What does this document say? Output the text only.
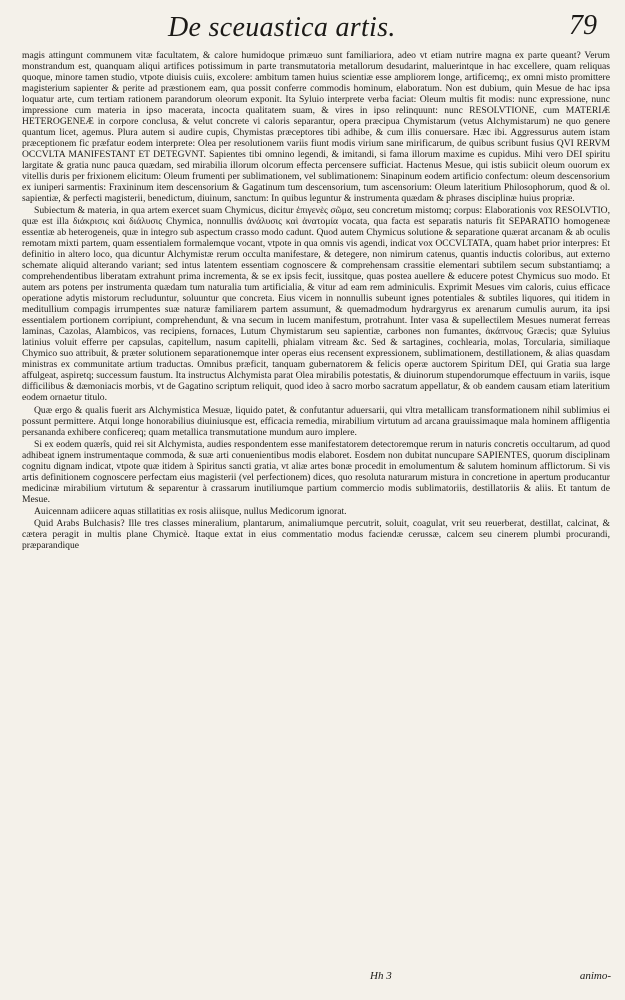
De sceuastica artis.	79

magis attingunt communem vitæ facultatem, & calore humidoque primæuo sunt familiariora, adeo vt etiam nutrire magna ex parte queant? Verum monstrandum est, quanquam aliqui artifices potissimum in parte transmutatoria metallorum desudarint, maluerintque in hac excellere, quam reliquas quoque, minore tamen studio, vtpote diuisis cuiis, excolere: ambitum tamen huius scientiæ esse ampliorem longe, artificemq;, ex omni misto promittere magisterium sapienter & perite ad præstionem eam, qua possit conferre commodis hominum, elaboratum. Non est dubium, quin Mesue de hac ipsa loquatur arte, cum tertiam rationem parandorum oleorum exponit. Ita Syluio interprete verba faciat: Oleum multis fit modis: nunc expressione, nunc impressione cum materia in ipso macerata, incocta qualitatem suam, & vires in ipso relinquunt: nunc RESOLVTIONE, cum MATERIÆ HETEROGENEÆ in corpore conclusa, & velut concrete vi caloris separantur, opera præcipua Chymistarum (vetus Alchymistarum) ne quo genere quantum licet, agemus. Plura autem si audire cupis, Chymistas præceptores tibi adhibe, & cum illis conuersare. Hæc ibi. Aggressurus autem istam præceptionem fic præfatur eodem interprete: Olea per resolutionem variis fiunt modis virium sane mirificarum, de quibus scribunt fusius QVI RERVM OCCVLTA MANIFESTANT ET DETEGVNT. Sapientes tibi omnino legendi, & imitandi, si fama illorum maxime es cupidus. Mihi vero DEI spiritu largitate & gratia nunc pauca quædam, sed mirabilia illorum olcorum effecta percensere sufficiat. Hactenus Mesue, qui istis subiicit oleum ouorum ex vitellis duris per frixionem elicitum: Oleum frumenti per sublimationem, vel sublimationem: Sinapinum eodem artificio confectum: oleum descensorium ex iuniperi sarmentis: Fraxininum item descensorium & Gagatinum tum descensorium, tum ascensorium: Oleum lateritium Philosophorum, quod & ol. sapientiæ, & perfecti magisterii, benedictum, diuinum, sanctum: In quibus leguntur & instrumenta quædam & phrases disciplinæ huius propriæ.

Subiectum & materia, in qua artem exercet suam Chymicus, dicitur ἐπιγενὲς σῶμα, seu concretum mistomq; corpus: Elaborationis vox RESOLVTIO, quæ est illa διάκρισις καὶ διάλυσις Chymica, nonnullis ἀνάλυσις καὶ ἀνατομία vocata, qua facta est separatis naturis fit SEPARATIO homogeneæ essentiæ ab heterogeneis, quæ in integro sub aspectum crasso modo cadunt. Quod autem Chymicus solutione & separatione quærat arcanam & ab oculis remotam mixti partem, quam essentialem formalemque vocant, vtpote in qua omnis vis agendi, indicat vox OCCVLTATA, quam habet prior interpres: Et definitio in altero loco, qua dicuntur Alchymistæ rerum occulta manifestare, & detegere, non nimirum catenus, quantis inductis coloribus, aut externo schemate aliquid alterando variant; sed intus latentem essentiam cognoscere & comprehensam crassitie elementari subtilem secum substantiamq; a comprehendentibus liberatam extrahunt prima incrementa, & se ex ipsis fecit, iussitque, quas postea auellere & educere potest Chymicus suo modo. Et autem ars potens per instrumenta quædam tum naturalia tum artificialia, & vitur ad eam rem adminiculis. Exprimit Mesues vim caloris, cuius efficace operatione adytis mistorum recluduntur, soluuntur que concreta. Eius vicem in nonnullis subeunt ignes potentiales & subtiles liquores, qui itidem in meditullium compagis irrumpentes suæ naturæ familiarem partem assumunt, & quemadmodum hydrargyrus ex arenarum cumulis aurum, ita ipsi essentialem portionem corripiunt, comprehendunt, & vna secum in lucem manifestum, protrahunt. Inter vasa & supellectilem Mesues numerat ferreas laminas, Cazolas, Alambicos, vas recipiens, fornaces, Lutum Chymistarum seu sapientiæ, carbones non fumantes, ἀκάπνους Græcis; quæ Syluius latinius voluit efferre per capsulas, capitellum, nasum capitelli, phialam vitream &c. Sed & sartagines, cochlearia, molas, Torcularia, similiaque Chymico suo attribuit, & præter solutionem separationemque inter operas eius recensent expressionem, sublimationem, destillationem, & alias quasdam ministras ex communitate artium traductas. Omnibus præficit, tanquam gubernatorem & felicis operæ auctorem Spiritum DEI, qui Gratia sua large affulgeat, aspiretq; successum faustum. Ita instructus Alchymista parat Olea mirabilis potestatis, & diuinorum stupendorumque effectuum in variis, isque difficilibus & dæmoniacis morbis, vt de Gagatino scriptum reliquit, quod ideo à sacro morbo sacratum appellatur, & ob eandem causam etiam lateritium eodem ornaetur titulo.

Quæ ergo & qualis fuerit ars Alchymistica Mesuæ, liquido patet, & confutantur aduersarii, qui vltra metallicam transformationem nihil sublimius ei possunt permittere. Atqui longe honorabilius diuiniusque est, efficacia remedia, mirabilium virtutum ad arcana grauissimaque mala hominem affligentia persananda exhibere conficereq; quam metallica transmutatione mundum auro implere.

Si ex eodem quærîs, quid rei sit Alchymista, audies respondentem esse manifestatorem detectoremque rerum in naturis concretis occultarum, ad quod adhibeat ignem instrumentaque commoda, & suæ arti conuenientibus modis elaboret. Eosdem non dubitat nuncupare SAPIENTES, quorum disciplinam cognitu dignam indicat, vtpote quæ itidem à Spiritus sancti gratia, vt aliæ artes bonæ procedit in emolumentum & salutem hominum afflictorum. Si vis artis definitionem cognoscere perfectam eius magisterii (vel perfectionem) dices, quo resoluta naturarum mistura in concretione in apertum producantur medicinæ mirabilium virtutum & separentur à crassarum inutiliumque partium commercio modis sublimatoriis, destillatoriis & aliis. Et tantum de Mesue.

Auicennam adiicere aquas stillatitias ex rosis aliisque, nullus Medicorum ignorat.

Quid Arabs Bulchasis? Ille tres classes mineralium, plantarum, animaliumque percutrit, soluit, coagulat, vrit seu reuerberat, destillat, calcinat, & cætera peragit in multis plane Chymicè. Itaque extat in eius commentatio modus faciendæ cerussæ, calcem seu cinerem plumbi procurandi, præparandique

Hh 3	animo-
